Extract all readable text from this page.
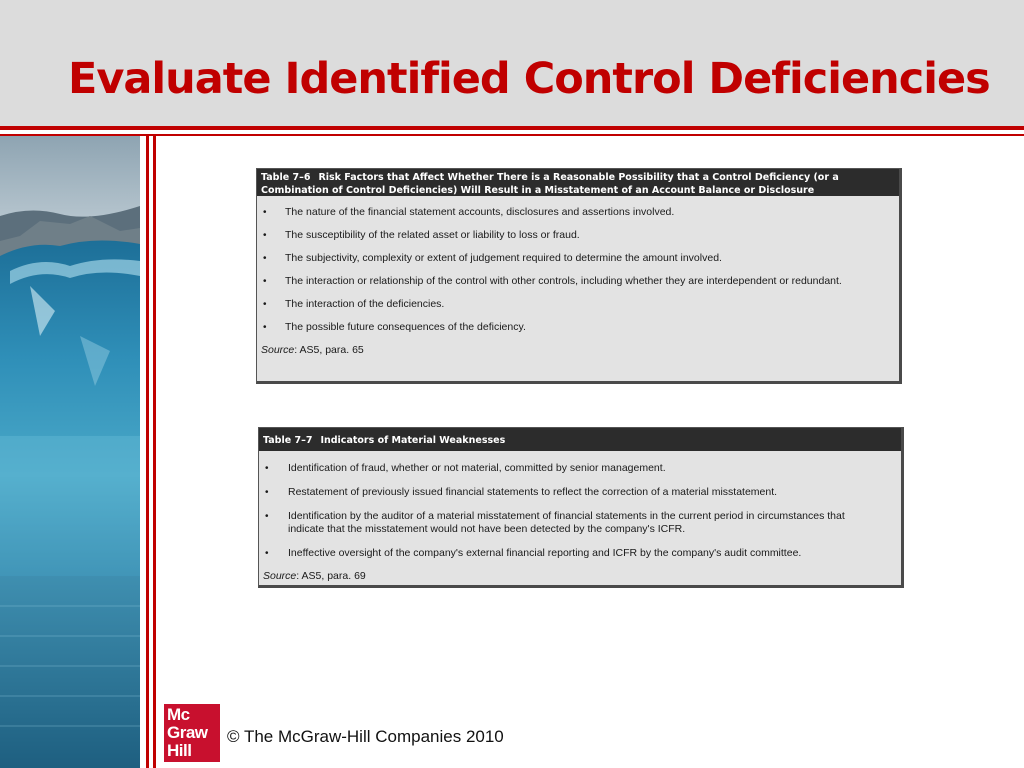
Evaluate Identified Control Deficiencies
Table 7–6 Risk Factors that Affect Whether There is a Reasonable Possibility that a Control Deficiency (or a Combination of Control Deficiencies) Will Result in a Misstatement of an Account Balance or Disclosure
• The nature of the financial statement accounts, disclosures and assertions involved.
• The susceptibility of the related asset or liability to loss or fraud.
• The subjectivity, complexity or extent of judgement required to determine the amount involved.
• The interaction or relationship of the control with other controls, including whether they are interdependent or redundant.
• The interaction of the deficiencies.
• The possible future consequences of the deficiency.
Source: AS5, para. 65
Table 7–7 Indicators of Material Weaknesses
• Identification of fraud, whether or not material, committed by senior management.
• Restatement of previously issued financial statements to reflect the correction of a material misstatement.
• Identification by the auditor of a material misstatement of financial statements in the current period in circumstances that indicate that the misstatement would not have been detected by the company's ICFR.
• Ineffective oversight of the company's external financial reporting and ICFR by the company's audit committee.
Source: AS5, para. 69
Mc
Graw
Hill
© The McGraw-Hill Companies 2010
